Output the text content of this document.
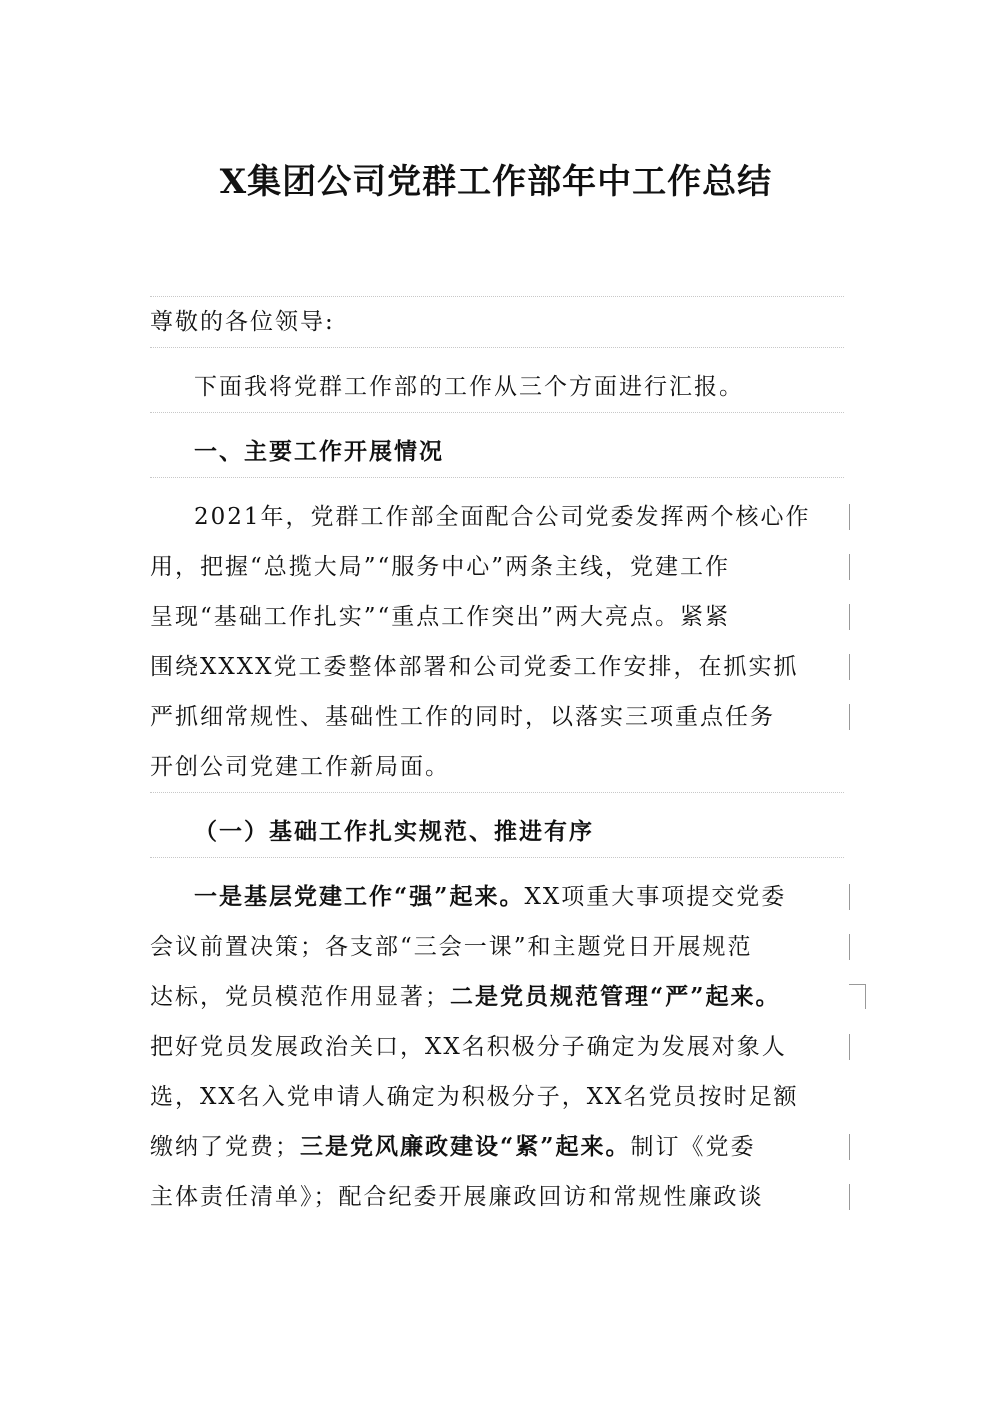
X集团公司党群工作部年中工作总结
尊敬的各位领导:
下面我将党群工作部的工作从三个方面进行汇报。
一、主要工作开展情况
2021年，党群工作部全面配合公司党委发挥两个核心作
用，把握“总揽大局”“服务中心”两条主线，党建工作
呈现“基础工作扎实”“重点工作突出”两大亮点。紧紧
围绕XXXX党工委整体部署和公司党委工作安排，在抓实抓
严抓细常规性、基础性工作的同时，以落实三项重点任务
开创公司党建工作新局面。
（一）基础工作扎实规范、推进有序
一是基层党建工作“强”起来。XX项重大事项提交党委
会议前置决策；各支部“三会一课”和主题党日开展规范
达标，党员模范作用显著；二是党员规范管理“严”起来。
把好党员发展政治关口，XX名积极分子确定为发展对象人
选，XX名入党申请人确定为积极分子，XX名党员按时足额
缴纳了党费；三是党风廉政建设“紧”起来。制订《党委
主体责任清单》；配合纪委开展廉政回访和常规性廉政谈
